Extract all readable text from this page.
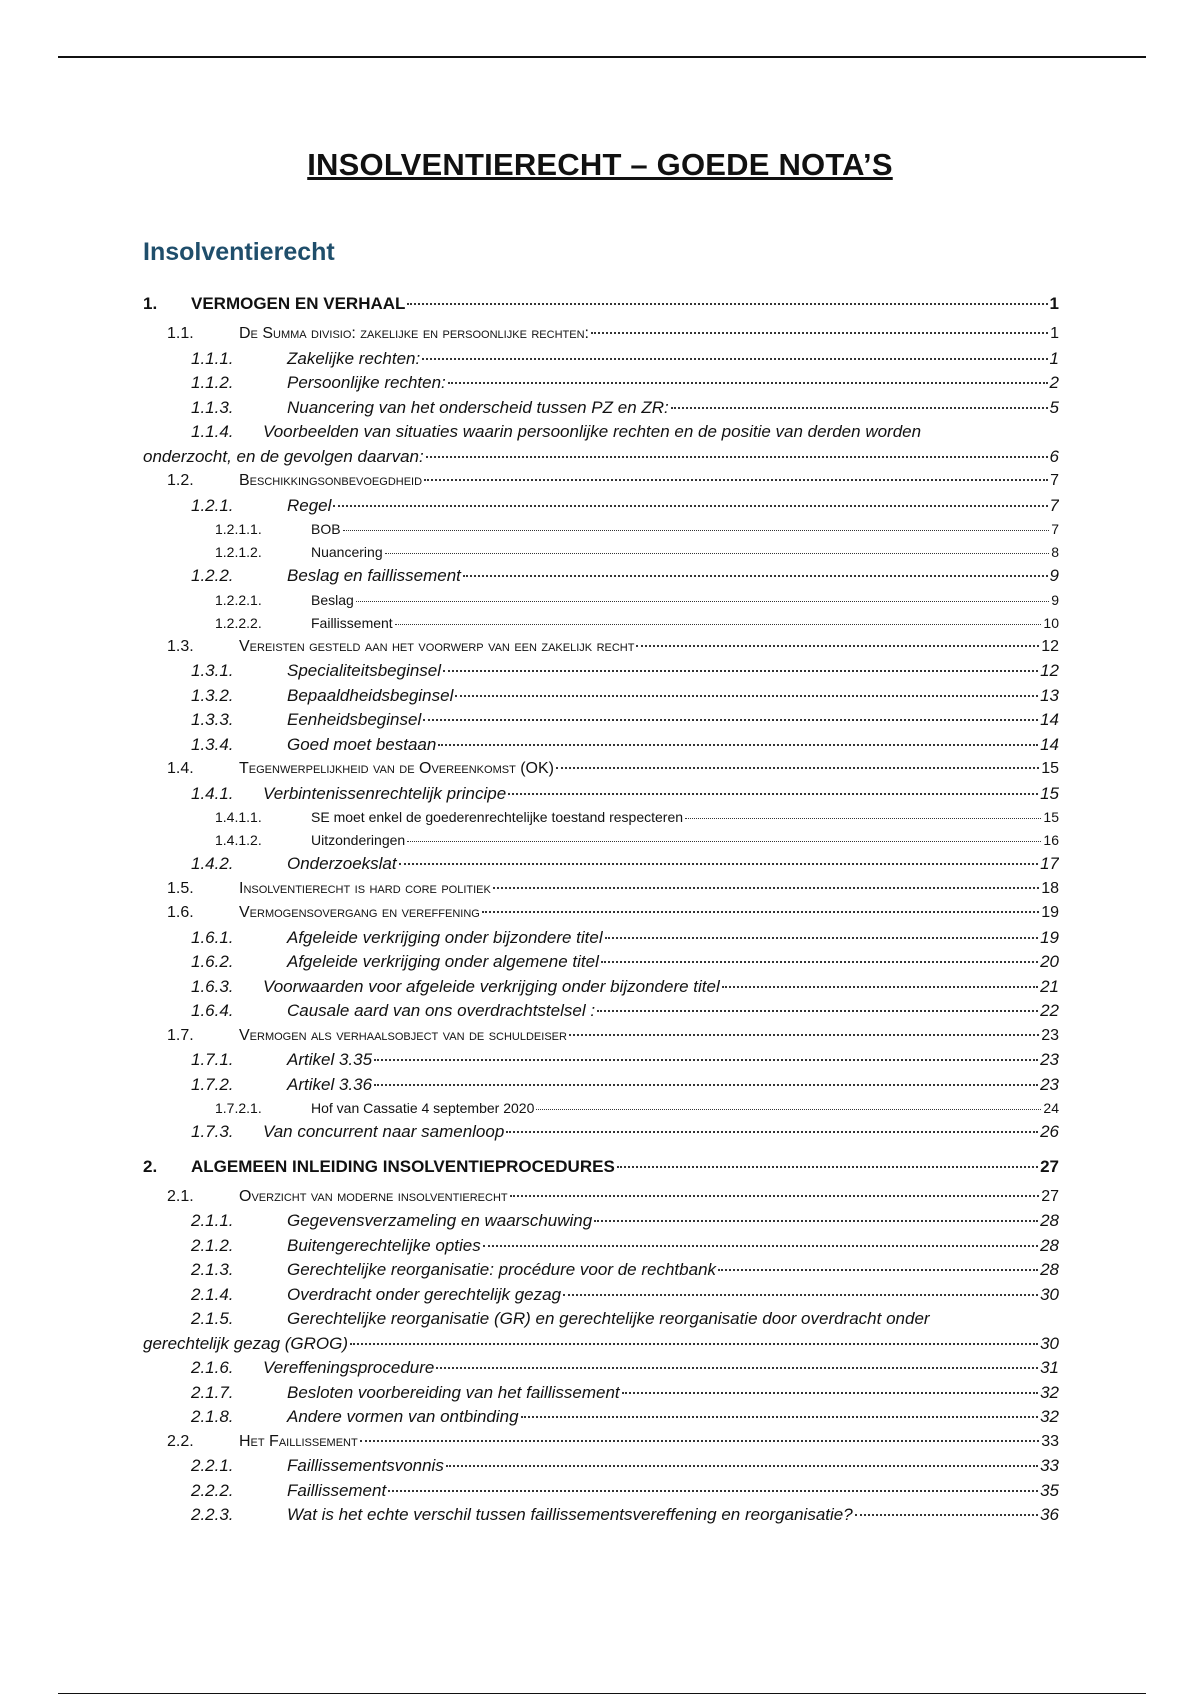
INSOLVENTIERECHT – GOEDE NOTA’S
Insolventierecht
1.	VERMOGEN EN VERHAAL	1
1.1.	De Summa divisio: zakelijke en persoonlijke rechten:	1
1.1.1.	Zakelijke rechten:	1
1.1.2.	Persoonlijke rechten:	2
1.1.3.	Nuancering van het onderscheid tussen PZ en ZR:	5
1.1.4. Voorbeelden van situaties waarin persoonlijke rechten en de positie van derden worden
onderzocht, en de gevolgen daarvan:	6
1.2.	Beschikkingsonbevoegdheid	7
1.2.1.	Regel	7
1.2.1.1.	BOB	7
1.2.1.2.	Nuancering	8
1.2.2.	Beslag en faillissement	9
1.2.2.1.	Beslag	9
1.2.2.2.	Faillissement	10
1.3.	Vereisten gesteld aan het voorwerp van een zakelijk recht	12
1.3.1.	Specialiteitsbeginsel	12
1.3.2.	Bepaaldheidsbeginsel	13
1.3.3.	Eenheidsbeginsel	14
1.3.4.	Goed moet bestaan	14
1.4.	Tegenwerpelijkheid van de Overeenkomst (OK)	15
1.4.1.	Verbintenissenrechtelijk principe	15
1.4.1.1.	SE moet enkel de goederenrechtelijke toestand respecteren	15
1.4.1.2.	Uitzonderingen	16
1.4.2.	Onderzoekslat	17
1.5.	Insolventierecht is hard core politiek	18
1.6.	Vermogensovergang en vereffening	19
1.6.1.	Afgeleide verkrijging onder bijzondere titel	19
1.6.2.	Afgeleide verkrijging onder algemene titel	20
1.6.3.	Voorwaarden voor afgeleide verkrijging onder bijzondere titel	21
1.6.4.	Causale aard van ons overdrachtstelsel :	22
1.7.	Vermogen als verhaalsobject van de schuldeiser	23
1.7.1.	Artikel 3.35	23
1.7.2.	Artikel 3.36	23
1.7.2.1.	Hof van Cassatie 4 september 2020	24
1.7.3.	Van concurrent naar samenloop	26
2.	ALGEMEEN INLEIDING INSOLVENTIEPROCEDURES	27
2.1.	Overzicht van moderne insolventierecht	27
2.1.1.	Gegevensverzameling en waarschuwing	28
2.1.2.	Buitengerechtelijke opties	28
2.1.3.	Gerechtelijke reorganisatie: procédure voor de rechtbank	28
2.1.4.	Overdracht onder gerechtelijk gezag	30
2.1.5.	Gerechtelijke reorganisatie (GR) en gerechtelijke reorganisatie door overdracht onder
gerechtelijk gezag (GROG)	30
2.1.6.	Vereffeningsprocedure	31
2.1.7.	Besloten voorbereiding van het faillissement	32
2.1.8.	Andere vormen van ontbinding	32
2.2.	Het Faillissement	33
2.2.1.	Faillissementsvonnis	33
2.2.2.	Faillissement	35
2.2.3.	Wat is het echte verschil tussen faillissementsvereffening en reorganisatie?	36
